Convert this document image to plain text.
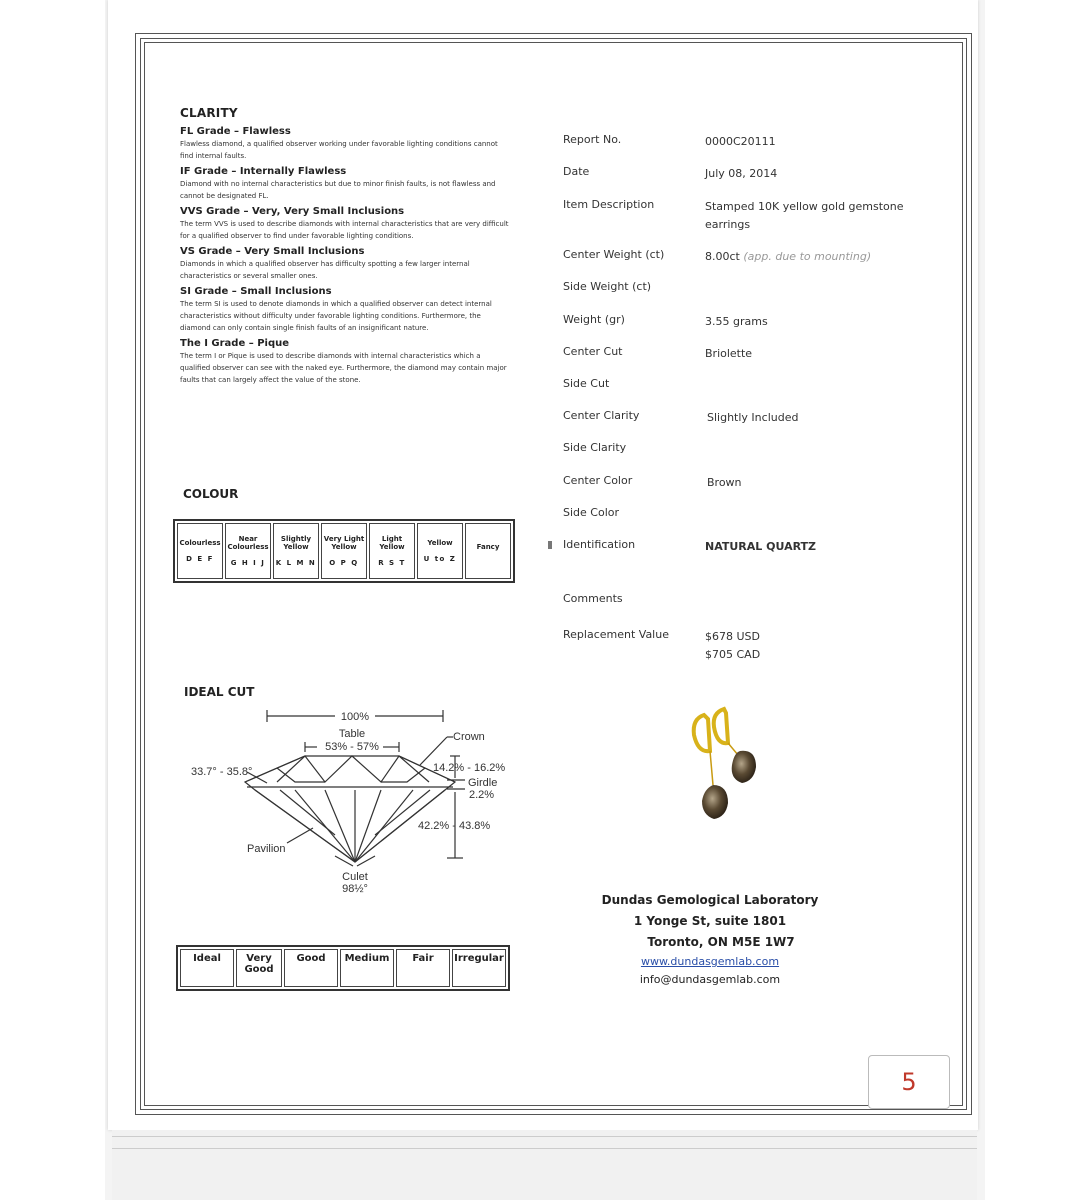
CLARITY
FL Grade – Flawless
Flawless diamond, a qualified observer working under favorable lighting conditions cannot find internal faults.
IF Grade – Internally Flawless
Diamond with no internal characteristics but due to minor finish faults, is not flawless and cannot be designated FL.
VVS Grade – Very, Very Small Inclusions
The term VVS is used to describe diamonds with internal characteristics that are very difficult for a qualified observer to find under favorable lighting conditions.
VS Grade – Very Small Inclusions
Diamonds in which a qualified observer has difficulty spotting a few larger internal characteristics or several smaller ones.
SI Grade – Small Inclusions
The term SI is used to denote diamonds in which a qualified observer can detect internal characteristics without difficulty under favorable lighting conditions. Furthermore, the diamond can only contain single finish faults of an insignificant nature.
The I Grade – Pique
The term I or Pique is used to describe diamonds with internal characteristics which a qualified observer can see with the naked eye. Furthermore, the diamond may contain major faults that can largely affect the value of the stone.
COLOUR
Colourless
D E F

Near Colourless
G H I J

Slightly Yellow
K L M N

Very Light Yellow
O P Q

Light Yellow
R S T

Yellow
U to Z

Fancy
IDEAL CUT
100%
Table
53% - 57%
Crown
33.7° - 35.8°	14.2% - 16.2%
Girdle
2.2%
42.2% - 43.8%
Pavilion
Culet
98½°
Ideal	Very Good	Good	Medium	Fair	Irregular
Report No.	0000C20111
Date	July 08, 2014
Item Description	Stamped 10K yellow gold gemstone earrings
Center Weight (ct)	8.00ct (app. due to mounting)
Side Weight (ct)
Weight (gr)	3.55 grams
Center Cut	Briolette
Side Cut
Center Clarity	Slightly Included
Side Clarity
Center Color	Brown
Side Color
Identification	NATURAL QUARTZ
Comments
Replacement Value	$678 USD
$705 CAD
Dundas Gemological Laboratory
1 Yonge St, suite 1801
Toronto, ON M5E 1W7
www.dundasgemlab.com
info@dundasgemlab.com
5
